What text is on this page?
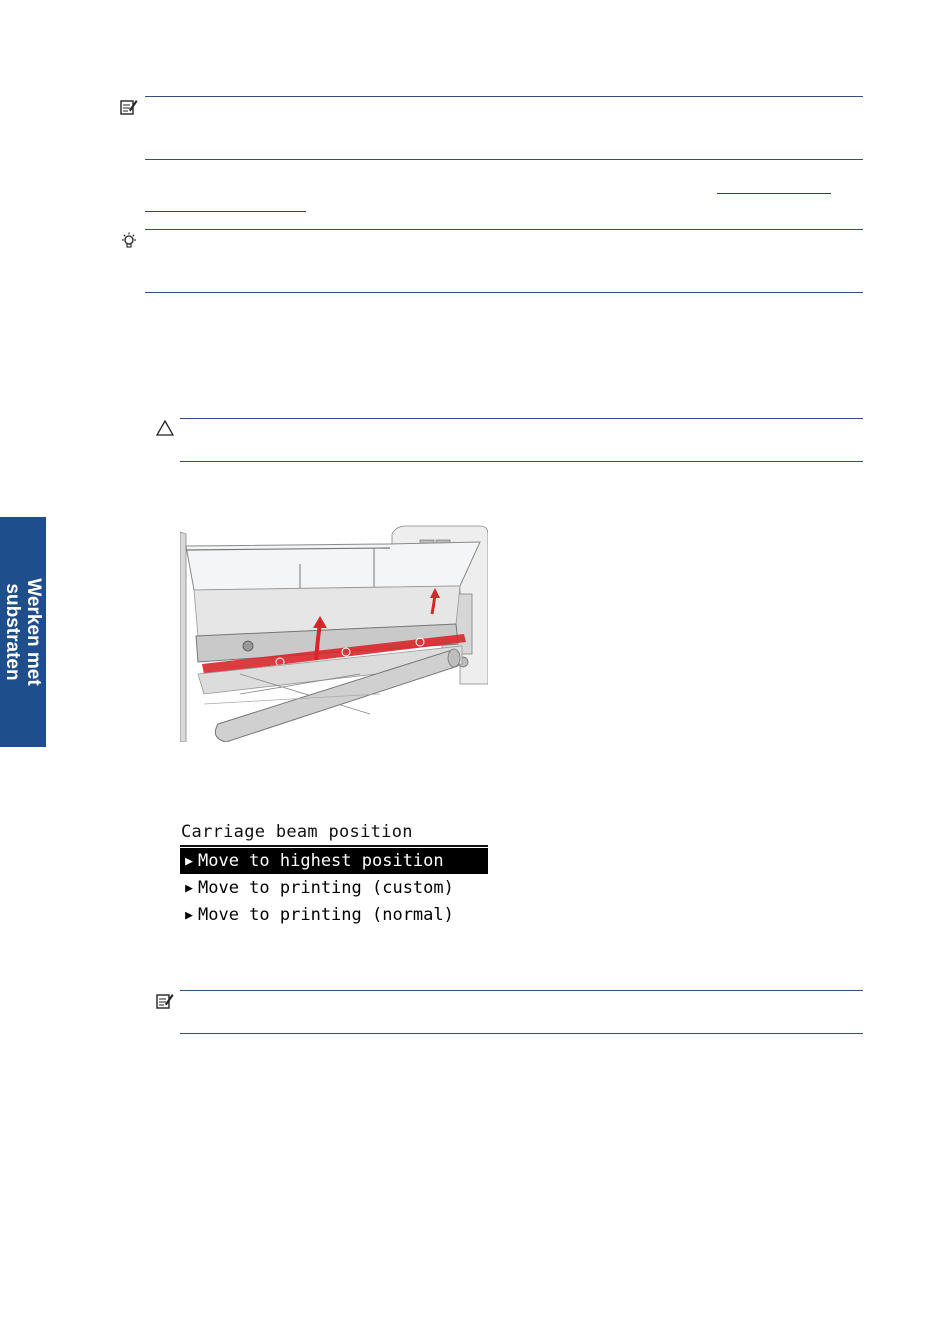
Werken met
substraten
Carriage beam position
▶ Move to highest position
▶ Move to printing (custom)
▶ Move to printing (normal)
